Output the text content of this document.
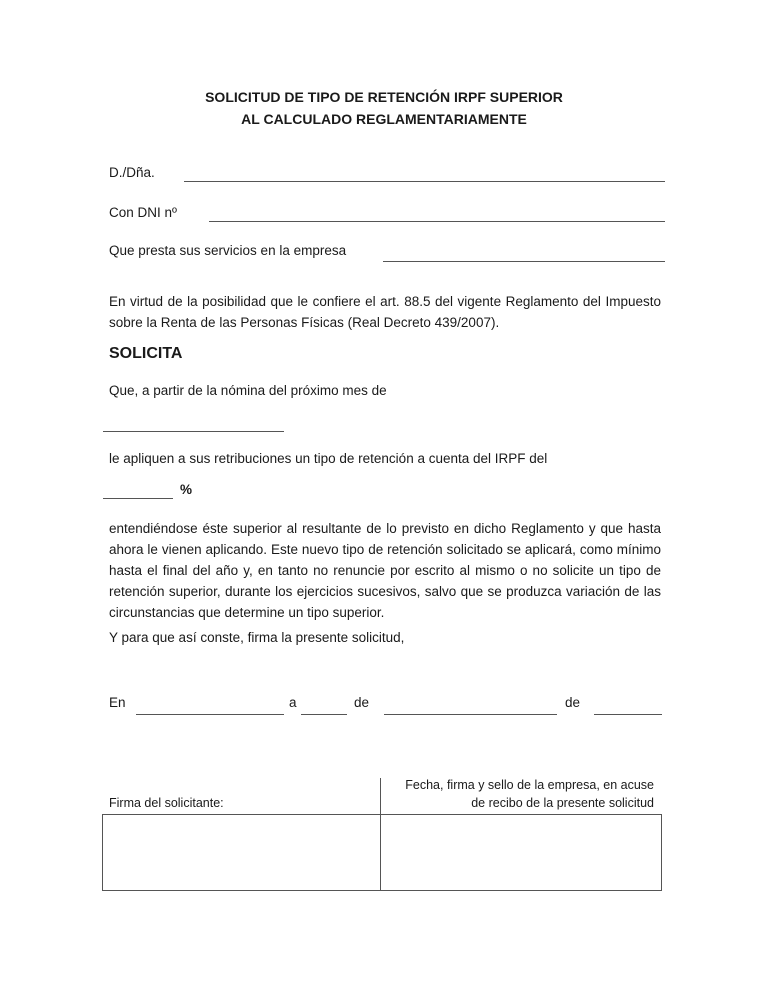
SOLICITUD DE TIPO DE RETENCIÓN IRPF SUPERIOR
AL CALCULADO REGLAMENTARIAMENTE
D./Dña.
Con DNI nº
Que presta sus servicios en la empresa
En virtud de la posibilidad que le confiere el art. 88.5 del vigente Reglamento del Impuesto sobre la Renta de las Personas Físicas (Real Decreto 439/2007).
SOLICITA
Que, a partir de la nómina del próximo mes de
le apliquen a sus retribuciones un tipo de retención a cuenta del IRPF del
%
entendiéndose éste superior al resultante de lo previsto en dicho Reglamento y que hasta ahora le vienen aplicando. Este nuevo tipo de retención solicitado se aplicará, como mínimo hasta el final del año y, en tanto no renuncie por escrito al mismo o no solicite un tipo de retención superior, durante los ejercicios sucesivos, salvo que se produzca variación de las circunstancias que determine un tipo superior.
Y para que así conste, firma la presente solicitud,
En	a	de	de
Firma del solicitante:
Fecha, firma y sello de la empresa, en acuse
de recibo de la presente solicitud
